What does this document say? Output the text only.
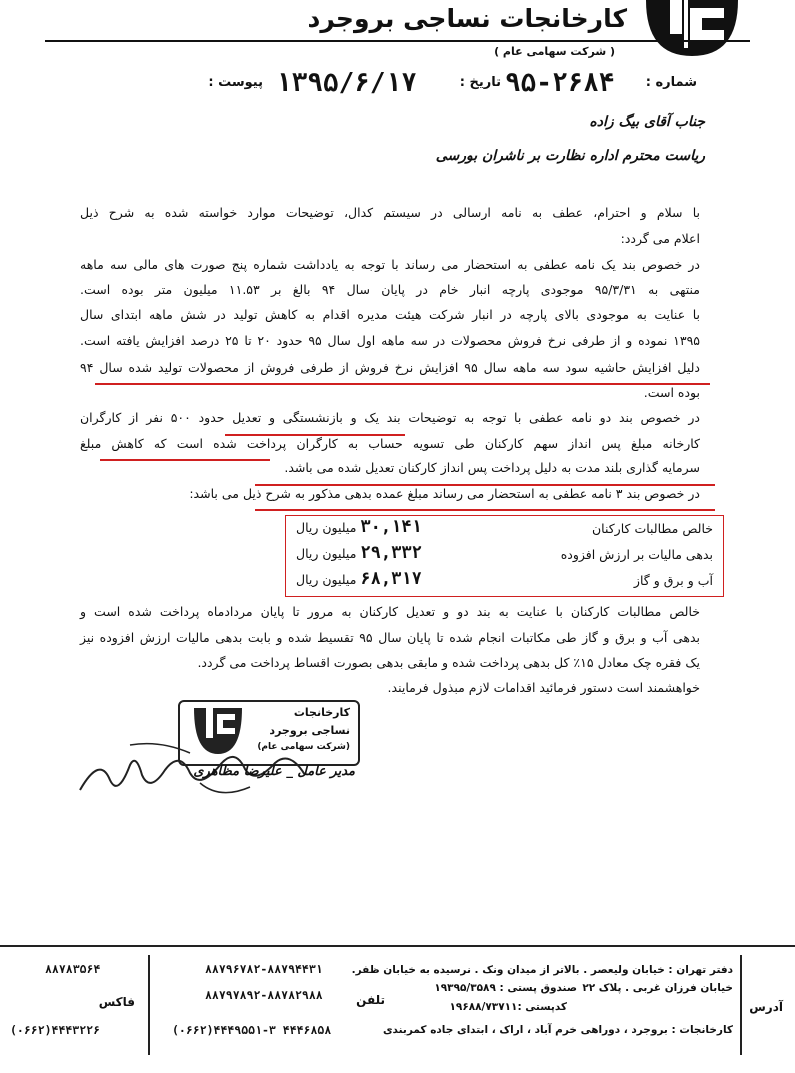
کارخانجات نساجی بروجرد
( شرکت سهامی عام )
شماره :
۹۵-۲۶۸۴
تاریخ :
۱۳۹۵/۶/۱۷
پیوست :
جناب آقای بیگ زاده
ریاست محترم اداره نظارت بر ناشران بورسی
با سلام و احترام، عطف به نامه ارسالی در سیستم کدال، توضیحات موارد خواسته شده به شرح ذیل
اعلام می گردد:
در خصوص بند یک نامه عطفی به استحضار می رساند با توجه به یادداشت شماره پنج صورت های مالی سه ماهه
منتهی به ۹۵/۳/۳۱ موجودی پارچه انبار خام در پایان سال ۹۴ بالغ بر ۱۱.۵۳ میلیون متر بوده است.
با عنایت به موجودی بالای پارچه در انبار شرکت هیئت مدیره اقدام به کاهش تولید در شش ماهه ابتدای سال
۱۳۹۵ نموده و از طرفی نرخ فروش محصولات در سه ماهه اول سال ۹۵ حدود ۲۰ تا ۲۵ درصد افزایش یافته است.
دلیل افزایش حاشیه سود سه ماهه سال ۹۵ افزایش نرخ فروش از طرفی فروش از محصولات تولید شده سال ۹۴
بوده است.
در خصوص بند دو نامه عطفی با توجه به توضیحات بند یک و بازنشستگی و تعدیل حدود ۵۰۰ نفر از کارگران
کارخانه مبلغ پس انداز سهم کارکنان طی تسویه حساب به کارگران پرداخت شده است که کاهش مبلغ
سرمایه گذاری بلند مدت به دلیل پرداخت پس انداز کارکنان تعدیل شده می باشد.
در خصوص بند ۳ نامه عطفی به استحضار می رساند مبلغ عمده بدهی مذکور به شرح ذیل می باشد:
خالص مطالبات کارکنان
۳۰,۱۴۱ میلیون ریال
بدهی مالیات بر ارزش افزوده
۲۹,۳۳۲ میلیون ریال
آب و برق و گاز
۶۸,۳۱۷ میلیون ریال
خالص مطالبات کارکنان با عنایت به بند دو و تعدیل کارکنان به مرور تا پایان مردادماه پرداخت شده است و
بدهی آب و برق و گاز طی مکاتبات انجام شده تا پایان سال ۹۵ تقسیط شده و بابت بدهی مالیات ارزش افزوده نیز
یک فقره چک معادل ۱۵٪ کل بدهی پرداخت شده و مابقی بدهی بصورت اقساط پرداخت می گردد.
خواهشمند است دستور فرمائید اقدامات لازم مبذول فرمایند.
کارخانجات
نساجی بروجرد
(شرکت سهامی عام)
مدیر عامل _ علیرضا مظاهری
آدرس
دفتر تهران : خیابان ولیعصر . بالاتر از میدان ونک . نرسیده به خیابان ظفر.
خیابان فرزان غربی . پلاک ۲۲
صندوق پستی : ۱۹۳۹۵/۳۵۸۹
کدپستی :۱۹۶۸۸/۷۳۷۱۱
کارخانجات : بروجرد ، دوراهی خرم آباد ، اراک ، ابتدای جاده کمربندی
تلفن
فاکس
۸۸۷۹۶۷۸۲-۸۸۷۹۴۴۳۱
۸۸۷۹۷۸۹۲-۸۸۷۸۲۹۸۸
(۰۶۶۲)۴۴۴۹۵۵۱-۳ ۴۴۴۶۸۵۸
۸۸۷۸۳۵۶۴
(۰۶۶۲)۴۴۴۳۲۲۶
